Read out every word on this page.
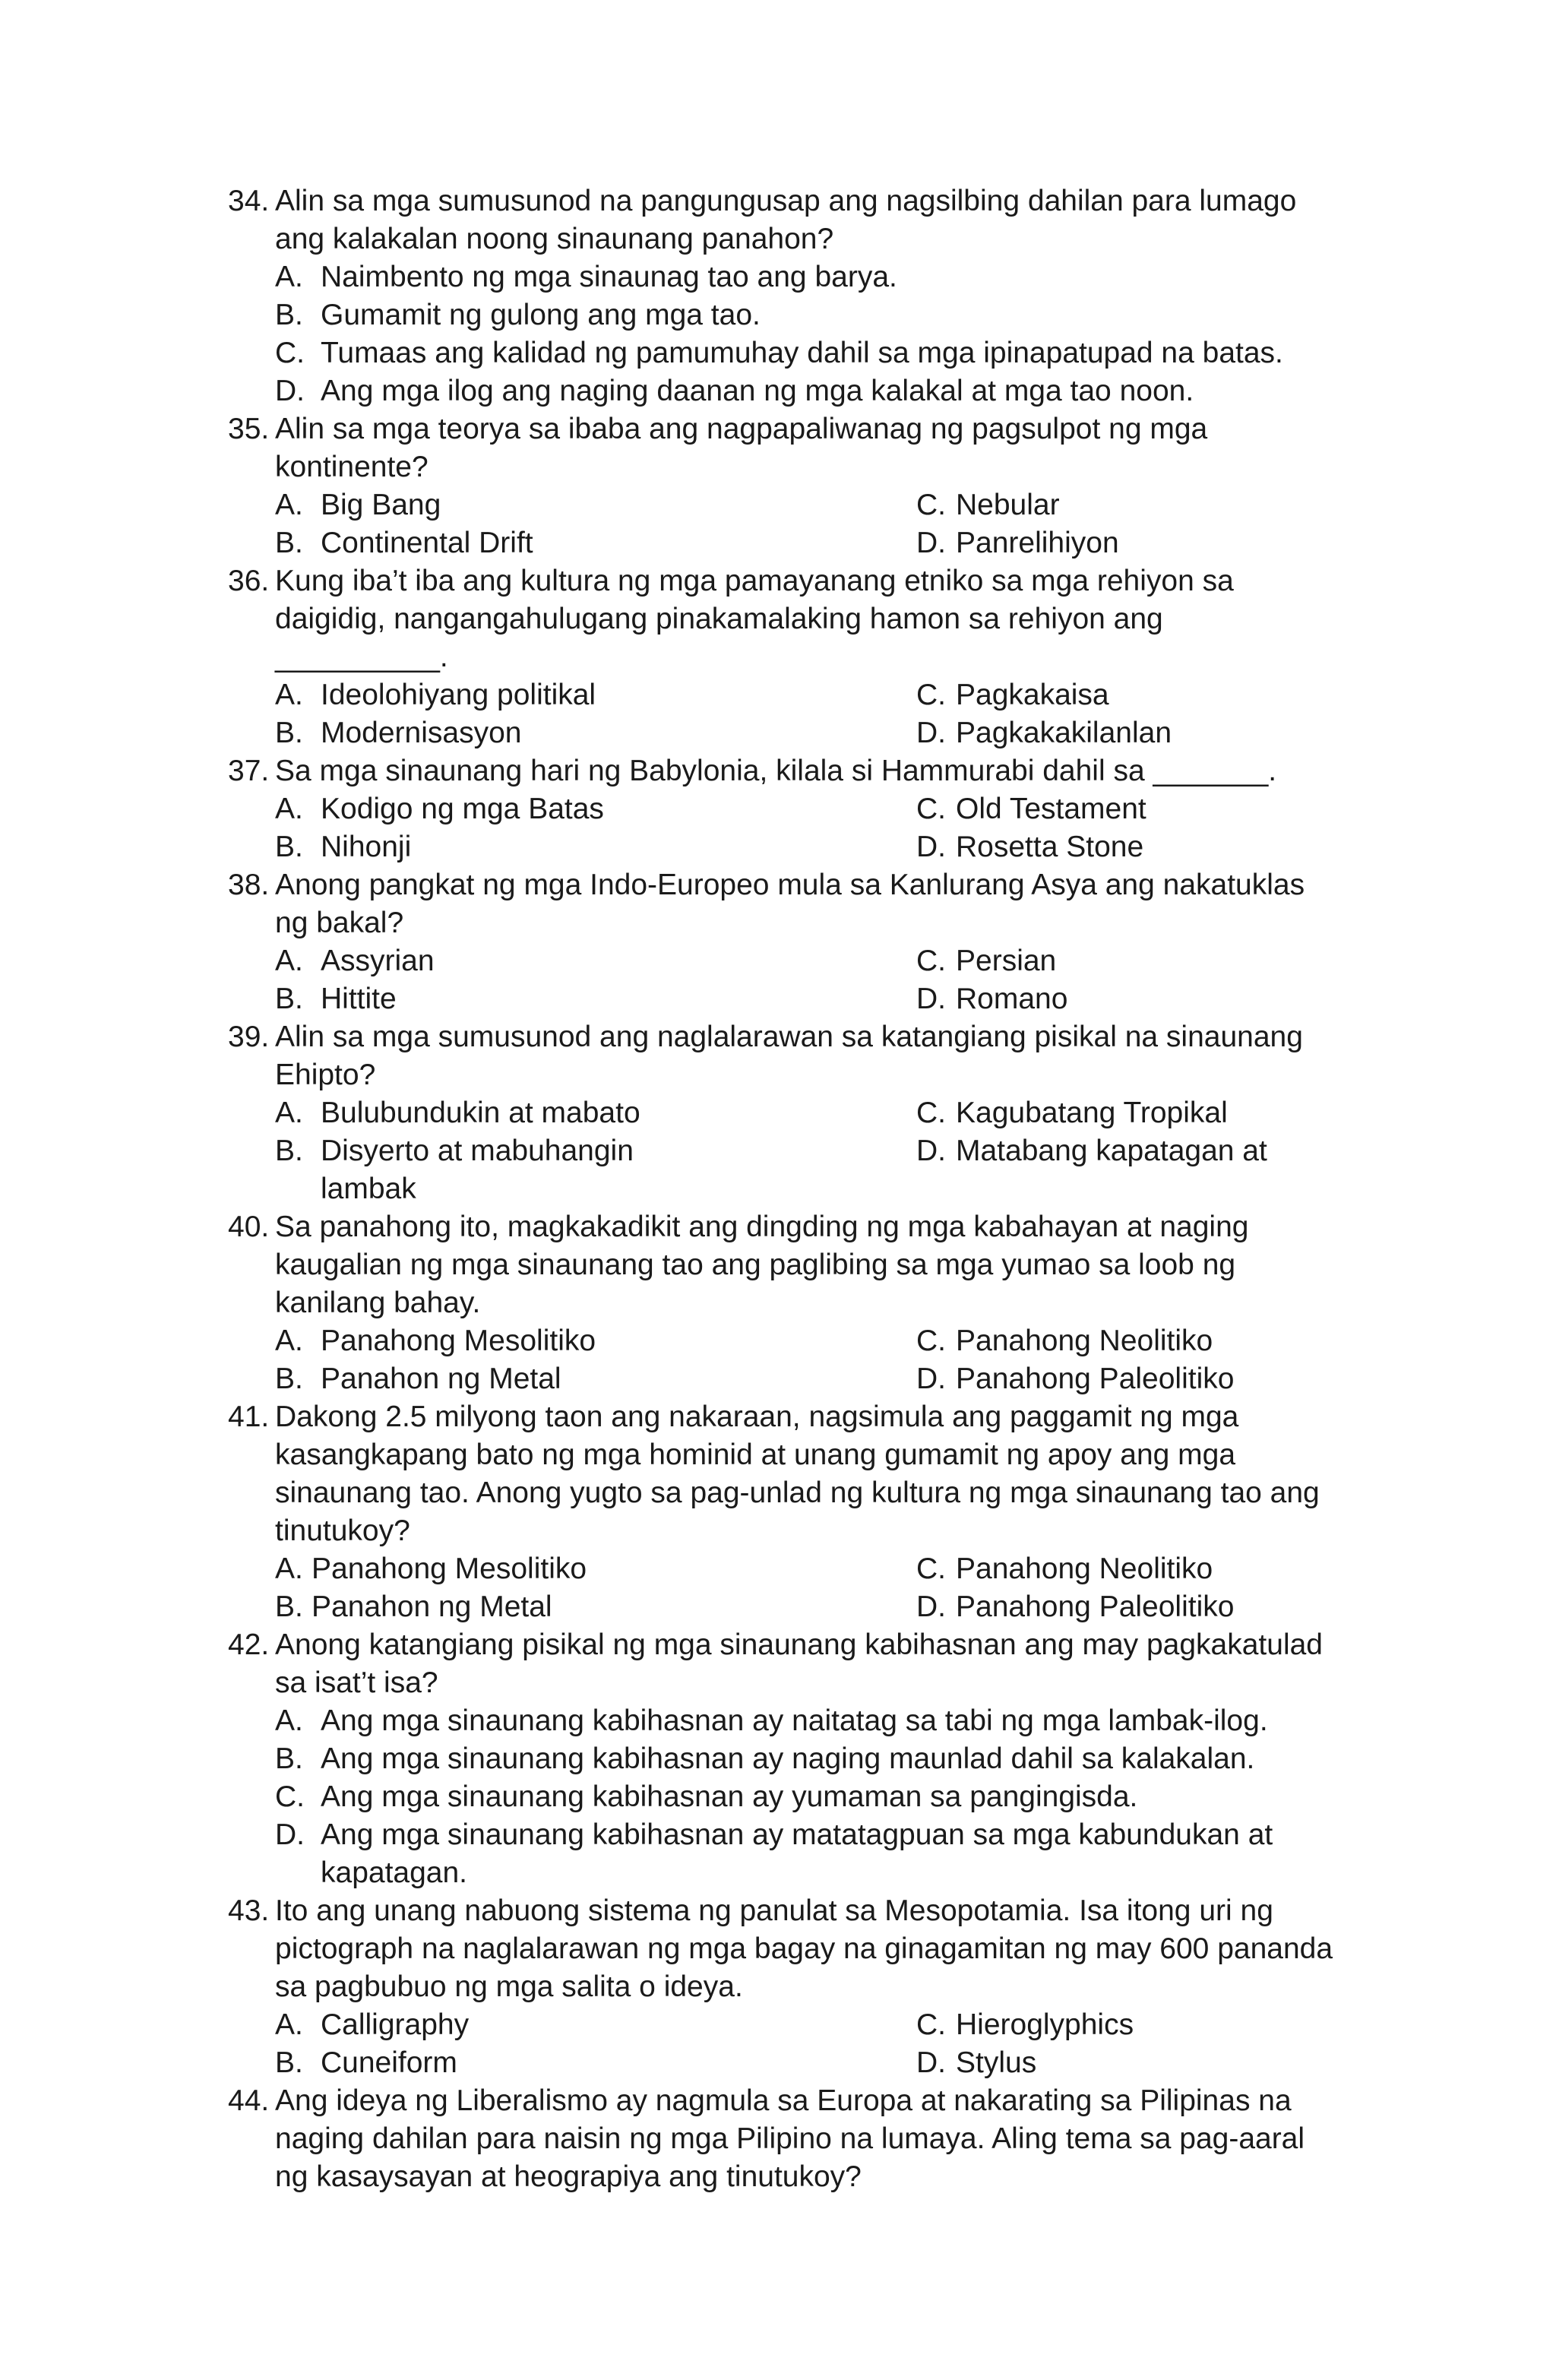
34.

Alin sa mga sumusunod na pangungusap ang nagsilbing dahilan para lumago

ang kalakalan noong sinaunang panahon?
A. Naimbento ng mga sinaunag tao ang barya.
B. Gumamit ng gulong ang mga tao.
C. Tumaas ang kalidad ng pamumuhay dahil sa mga ipinapatupad na batas.
D. Ang mga ilog ang naging daanan ng mga kalakal at mga tao noon.

35.

Alin sa mga teorya sa ibaba ang nagpapaliwanag ng pagsulpot ng mga

kontinente?
A. Big Bang	C. Nebular
B. Continental Drift	D. Panrelihiyon

36.

Kung iba’t iba ang kultura ng mga pamayanang etniko sa mga rehiyon sa

daigidig, nangangahulugang pinakamalaking hamon sa rehiyon ang
__________.
A. Ideolohiyang politikal	C. Pagkakaisa
B. Modernisasyon	D. Pagkakakilanlan

37.

Sa mga sinaunang hari ng Babylonia, kilala si Hammurabi dahil sa _______.

A. Kodigo ng mga Batas	C. Old Testament
B. Nihonji	D. Rosetta Stone

38.

Anong pangkat ng mga Indo-Europeo mula sa Kanlurang Asya ang nakatuklas

ng bakal?
A. Assyrian	C. Persian
B. Hittite	D. Romano

39.

Alin sa mga sumusunod ang naglalarawan sa katangiang pisikal na sinaunang

Ehipto?
A. Bulubundukin at mabato	C. Kagubatang Tropikal
B. Disyerto at mabuhangin	D. Matabang kapatagan at
lambak

40.

Sa panahong ito, magkakadikit ang dingding ng mga kabahayan at naging

kaugalian ng mga sinaunang tao ang paglibing sa mga yumao sa loob ng
kanilang bahay.
A. Panahong Mesolitiko	C. Panahong Neolitiko
B. Panahon ng Metal	D. Panahong Paleolitiko

41.

Dakong 2.5 milyong taon ang nakaraan, nagsimula ang paggamit ng mga

kasangkapang bato ng mga hominid at unang gumamit ng apoy ang mga
sinaunang tao. Anong yugto sa pag-unlad ng kultura ng mga sinaunang tao ang
tinutukoy?
A. Panahong Mesolitiko	C. Panahong Neolitiko
B. Panahon ng Metal	D. Panahong Paleolitiko

42.

Anong katangiang pisikal ng mga sinaunang kabihasnan ang may pagkakatulad

sa isat’t isa?
A. Ang mga sinaunang kabihasnan ay naitatag sa tabi ng mga lambak-ilog.
B. Ang mga sinaunang kabihasnan ay naging maunlad dahil sa kalakalan.
C. Ang mga sinaunang kabihasnan ay yumaman sa pangingisda.
D. Ang mga sinaunang kabihasnan ay matatagpuan sa mga kabundukan at
kapatagan.

43.

Ito ang unang nabuong sistema ng panulat sa Mesopotamia. Isa itong uri ng

pictograph na naglalarawan ng mga bagay na ginagamitan ng may 600 pananda
sa pagbubuo ng mga salita o ideya.
A. Calligraphy	C. Hieroglyphics
B. Cuneiform	D. Stylus

44.

Ang ideya ng Liberalismo ay nagmula sa Europa at nakarating sa Pilipinas na

naging dahilan para naisin ng mga Pilipino na lumaya. Aling tema sa pag-aaral
ng kasaysayan at heograpiya ang tinutukoy?
